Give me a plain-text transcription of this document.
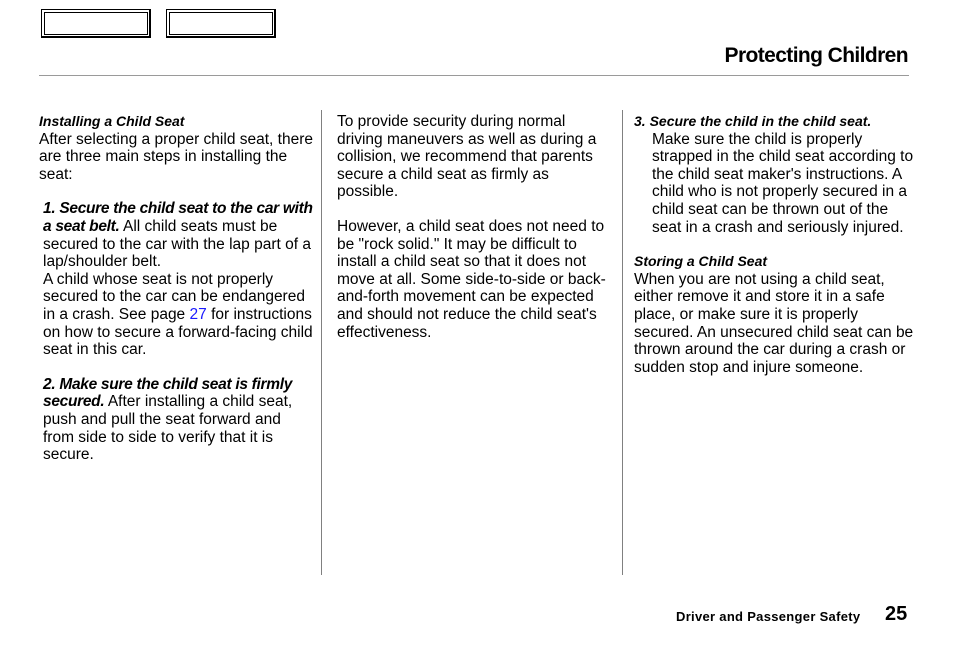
Protecting Children

Installing a Child Seat

After selecting a proper child seat, there are three main steps in installing the seat:

1. Secure the child seat to the car with a seat belt. All child seats must be secured to the car with the lap part of a lap/shoulder belt.

A child whose seat is not properly secured to the car can be endangered in a crash. See page 27 for instructions on how to secure a forward-facing child seat in this car.

2. Make sure the child seat is firmly secured. After installing a child seat, push and pull the seat forward and from side to side to verify that it is secure.

To provide security during normal driving maneuvers as well as during a collision, we recommend that parents secure a child seat as firmly as possible.

However, a child seat does not need to be "rock solid." It may be difficult to install a child seat so that it does not move at all. Some side-to-side or back-and-forth movement can be expected and should not reduce the child seat's effectiveness.

3. Secure the child in the child seat.

Make sure the child is properly strapped in the child seat according to the child seat maker's instructions. A child who is not properly secured in a child seat can be thrown out of the seat in a crash and seriously injured.

Storing a Child Seat

When you are not using a child seat, either remove it and store it in a safe place, or make sure it is properly secured. An unsecured child seat can be thrown around the car during a crash or sudden stop and injure someone.

Driver and Passenger Safety 25
